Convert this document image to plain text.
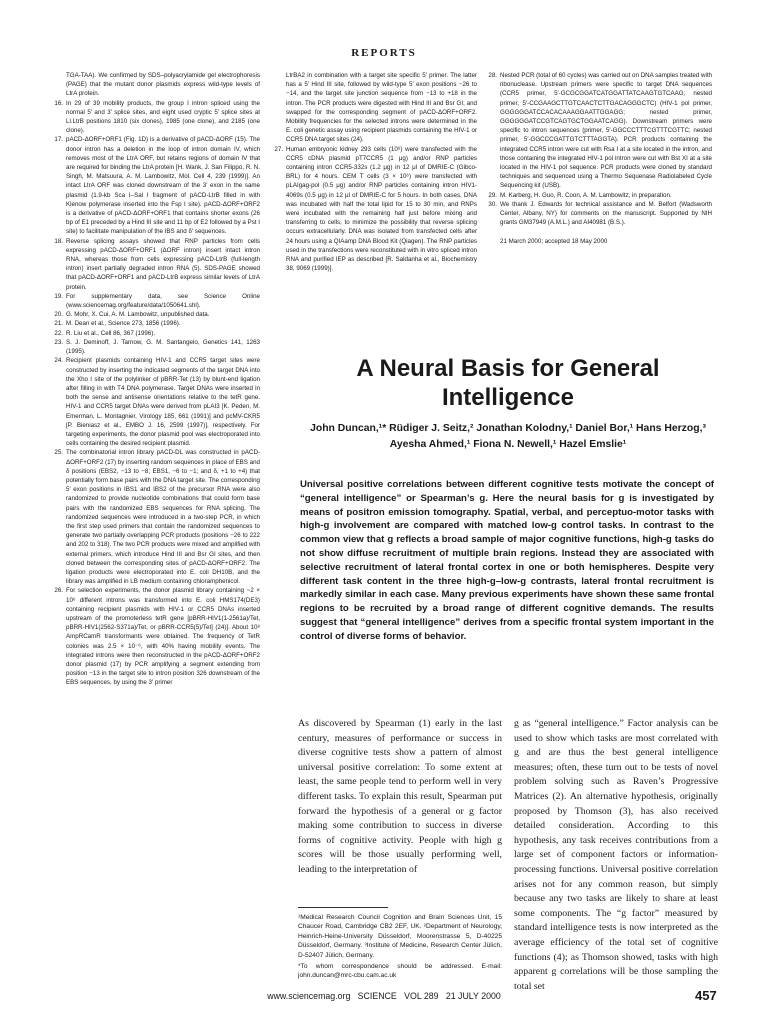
REPORTS

TGA-TAA). We confirmed by SDS–polyacrylamide gel electrophoresis (PAGE) that the mutant donor plasmids express wild-type levels of LtrA protein.

16. In 29 of 39 mobility products, the group I intron spliced using the normal 5′ and 3′ splice sites, and eight used cryptic 5′ splice sites at Ll.LtrB positions 1810 (six clones), 1985 (one clone), and 2185 (one clone).

17. pACD-ΔORF+ORF1 (Fig. 1D) is a derivative of pACD-ΔORF (15). The donor intron has a deletion in the loop of intron domain IV, which removes most of the LtrA ORF, but retains regions of domain IV that are required for binding the LtrA protein [H. Wank, J. San Filippo, R. N. Singh, M. Matsuura, A. M. Lambowitz, Mol. Cell 4, 239 (1999)]. An intact LtrA ORF was cloned downstream of the 3′ exon in the same plasmid (1.9-kb Sca I–Sal I fragment of pACD-LtrB filled in with Klenow polymerase inserted into the Fsp I site). pACD-ΔORF+ORF2 is a derivative of pACD-ΔORF+ORF1 that contains shorter exons (26 bp of E1 preceded by a Hind III site and 11 bp of E2 followed by a Pst I site) to facilitate manipulation of the IBS and δ′ sequences.

18. Reverse splicing assays showed that RNP particles from cells expressing pACD-ΔORF+ORF1 (ΔORF intron) insert intact intron RNA, whereas those from cells expressing pACD-LtrB (full-length intron) insert partially degraded intron RNA (5). SDS-PAGE showed that pACD-ΔORF+ORF1 and pACD-LtrB express similar levels of LtrA protein.

19. For supplementary data, see Science Online (www.sciencemag.org/feature/data/1050641.shl).

20. G. Mohr, X. Cui, A. M. Lambowitz, unpublished data.

21. M. Dean et al., Science 273, 1856 (1996).

22. R. Liu et al., Cell 86, 367 (1996).

23. S. J. Deminoff, J. Tarnow, G. M. Santangelo, Genetics 141, 1263 (1995).

24. Recipient plasmids containing HIV-1 and CCR5 target sites were constructed by inserting the indicated segments of the target DNA into the Xho I site of the polylinker of pBRR-Tet (13) by blunt-end ligation after filling in with T4 DNA polymerase. Target DNAs were inserted in both the sense and antisense orientations relative to the tetR gene. HIV-1 and CCR5 target DNAs were derived from pLAI3 [K. Peden, M. Emerman, L. Montagnier, Virology 185, 661 (1991)] and pcMV-CKR5 [P. Bieniasz et al., EMBO J. 16, 2599 (1997)], respectively. For targeting experiments, the donor plasmid pool was electroporated into cells containing the desired recipient plasmid.

25. The combinatorial intron library pACD-DL was constructed in pACD-ΔORF+ORF2 (17) by inserting random sequences in place of EBS and δ positions (EBS2, −13 to −8; EBS1, −6 to −1; and δ, +1 to +4) that potentially form base pairs with the DNA target site. The corresponding 5′ exon positions in IBS1 and IBS2 of the precursor RNA were also randomized to provide nucleotide combinations that could form base pairs with the randomized EBS sequences for RNA splicing. The randomized sequences were introduced in a two-step PCR, in which the first step used primers that contain the randomized sequences to generate two partially overlapping PCR products (positions −26 to 222 and 202 to 318). The two PCR products were mixed and amplified with external primers, which introduce Hind III and Bsr GI sites, and then cloned between the corresponding sites of pACD-ΔORF+ORF2. The ligation products were electroporated into E. coli DH10B, and the library was amplified in LB medium containing chloramphenicol.

26. For selection experiments, the donor plasmid library containing ~2 × 10⁶ different introns was transformed into E. coli HMS174(DE3) containing recipient plasmids with HIV-1 or CCR5 DNAs inserted upstream of the promoterless tetR gene [pBRR-HIV1(1-2561a)/Tet, pBRR-HIV1(2562-S371a)/Tet, or pBRR-CCR5(5)/Tet] (24)]. About 10⁸ AmpRCamR transformants were obtained. The frequency of TetR colonies was 2.5 × 10⁻⁶, with 40% having mobility events. The integrated introns were then reconstructed in the pACD-ΔORF+ORF2 donor plasmid (17) by PCR amplifying a segment extending from position −13 in the target site to intron position 326 downstream of the EBS sequences, by using the 3′ primer

LtrBA2 in combination with a target site specific 5′ primer. The latter has a 5′ Hind III site, followed by wild-type 5′ exon positions −26 to −14, and the target site junction sequence from −13 to +18 in the intron. The PCR products were digested with Hind III and Bsr GI, and swapped for the corresponding segment of pACD-ΔORF+ORF2. Mobility frequencies for the selected introns were determined in the E. coli genetic assay using recipient plasmids containing the HIV-1 or CCR5 DNA target sites (24).

27. Human embryonic kidney 293 cells (10⁶) were transfected with the CCR5 cDNA plasmid pT7CCR5 (1 μg) and/or RNP particles containing intron CCR5-332s (1.2 μg) in 12 μl of DMRIE-C (Gibco-BRL) for 4 hours. CEM T cells (3 × 10⁶) were transfected with pLAIgag-pol (0.5 μg) and/or RNP particles containing intron HIV1-4069s (0.5 μg) in 12 μl of DMRIE-C for 5 hours. In both cases, DNA was incubated with half the total lipid for 15 to 30 min, and RNPs were incubated with the remaining half just before mixing and transferring to cells, to minimize the possibility that reverse splicing occurs extracellularly. DNA was isolated from transfected cells after 24 hours using a QIAamp DNA Blood Kit (Qiagen). The RNP particles used in the transfections were reconstituted with in vitro spliced intron RNA and purified IEP as described [R. Saldanha et al., Biochemistry 38, 9069 (1999)].

28. Nested PCR (total of 60 cycles) was carried out on DNA samples treated with ribonuclease. Upstream primers were specific to target DNA sequences (CCR5 primer, 5′-GCGCGGATCATGGATTATCAAGTGTCAAG; nested primer, 5′-CCGAAGCTTGTCAACTCTTGACAGGGCTC) (HIV-1 pol primer, GGGGGGATCCACACAAAGGAATTGGAGG; nested primer, GGGGGGATCCGTCAGTGCTGGAATCAGG). Downstream primers were specific to intron sequences (primer, 5′-GGCCCTTTCGTTTCGTTC; nested primer, 5′-GGCCCGATTGTCTTTAGGTA). PCR products containing the integrated CCR5 intron were cut with Rsa I at a site located in the intron, and those containing the integrated HIV-1 pol intron were cut with Bst XI at a site located in the HIV-1 pol sequence. PCR products were cloned by standard techniques and sequenced using a Thermo Sequenase Radiolabeled Cycle Sequencing kit (USB).

29. M. Karberg, H. Guo, R. Coon, A. M. Lambowitz, in preparation.

30. We thank J. Edwards for technical assistance and M. Belfort (Wadsworth Center, Albany, NY) for comments on the manuscript. Supported by NIH grants GM37949 (A.M.L.) and AI40981 (B.S.).

21 March 2000; accepted 18 May 2000

A Neural Basis for General Intelligence
John Duncan,¹* Rüdiger J. Seitz,² Jonathan Kolodny,¹ Daniel Bor,¹ Hans Herzog,³ Ayesha Ahmed,¹ Fiona N. Newell,¹ Hazel Emslie¹
Universal positive correlations between different cognitive tests motivate the concept of “general intelligence” or Spearman’s g. Here the neural basis for g is investigated by means of positron emission tomography. Spatial, verbal, and perceptuo-motor tasks with high-g involvement are compared with matched low-g control tasks. In contrast to the common view that g reflects a broad sample of major cognitive functions, high-g tasks do not show diffuse recruitment of multiple brain regions. Instead they are associated with selective recruitment of lateral frontal cortex in one or both hemispheres. Despite very different task content in the three high-g–low-g contrasts, lateral frontal recruitment is markedly similar in each case. Many previous experiments have shown these same frontal regions to be recruited by a broad range of different cognitive demands. The results suggest that “general intelligence” derives from a specific frontal system important in the control of diverse forms of behavior.

As discovered by Spearman (1) early in the last century, measures of performance or success in diverse cognitive tests show a pattern of almost universal positive correlation: To some extent at least, the same people tend to perform well in very different tasks. To explain this result, Spearman put forward the hypothesis of a general or g factor making some contribution to success in diverse forms of cognitive activity. People with high g scores will be those usually performing well, leading to the interpretation of

g as “general intelligence.” Factor analysis can be used to show which tasks are most correlated with g and are thus the best general intelligence measures; often, these turn out to be tests of novel problem solving such as Raven’s Progressive Matrices (2). An alternative hypothesis, originally proposed by Thomson (3), has also received detailed consideration. According to this hypothesis, any task receives contributions from a large set of component factors or information-processing functions. Universal positive correlation arises not for any common reason, but simply because any two tasks are likely to share at least some components. The “g factor” measured by standard intelligence tests is now interpreted as the average efficiency of the total set of cognitive functions (4); as Thomson showed, tasks with high apparent g correlations will be those sampling the total set

¹Medical Research Council Cognition and Brain Sciences Unit, 15 Chaucer Road, Cambridge CB2 2EF, UK. ²Department of Neurology, Heinrich-Heine-University Düsseldorf, Moorenstrasse 5, D-40225 Düsseldorf, Germany. ³Institute of Medicine, Research Center Jülich, D-52407 Jülich, Germany.

*To whom correspondence should be addressed. E-mail: john.duncan@mrc-cbu.cam.ac.uk

www.sciencemag.org   SCIENCE   VOL 289   21 JULY 2000	457
